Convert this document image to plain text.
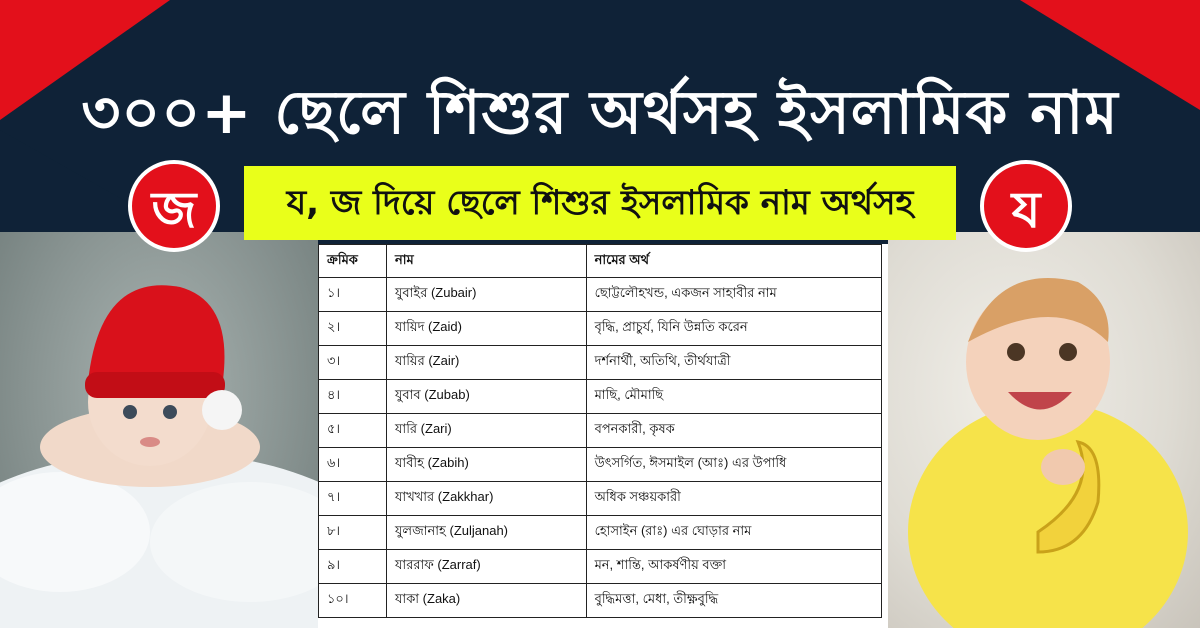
৩০০+ ছেলে শিশুর অর্থসহ ইসলামিক নাম
জ	য
য, জ দিয়ে ছেলে শিশুর ইসলামিক নাম অর্থসহ
ক্রমিক	নাম	নামের অর্থ
১।	যুবাইর (Zubair)	ছোট্টলৌহখন্ড, একজন সাহাবীর নাম
২।	যায়িদ (Zaid)	বৃদ্ধি, প্রাচুর্য, যিনি উন্নতি করেন
৩।	যায়ির (Zair)	দর্শনার্থী, অতিথি, তীর্থযাত্রী
৪।	যুবাব (Zubab)	মাছি, মৌমাছি
৫।	যারি (Zari)	বপনকারী, কৃষক
৬।	যাবীহ (Zabih)	উৎসর্গিত, ঈসমাইল (আঃ) এর উপাধি
৭।	যাখখার (Zakkhar)	অধিক সঞ্চয়কারী
৮।	যুলজানাহ (Zuljanah)	হোসাইন (রাঃ) এর ঘোড়ার নাম
৯।	যাররাফ (Zarraf)	মন, শান্তি, আকর্ষণীয় বক্তা
১০।	যাকা (Zaka)	বুদ্ধিমত্তা, মেধা, তীক্ষ্ণবুদ্ধি
